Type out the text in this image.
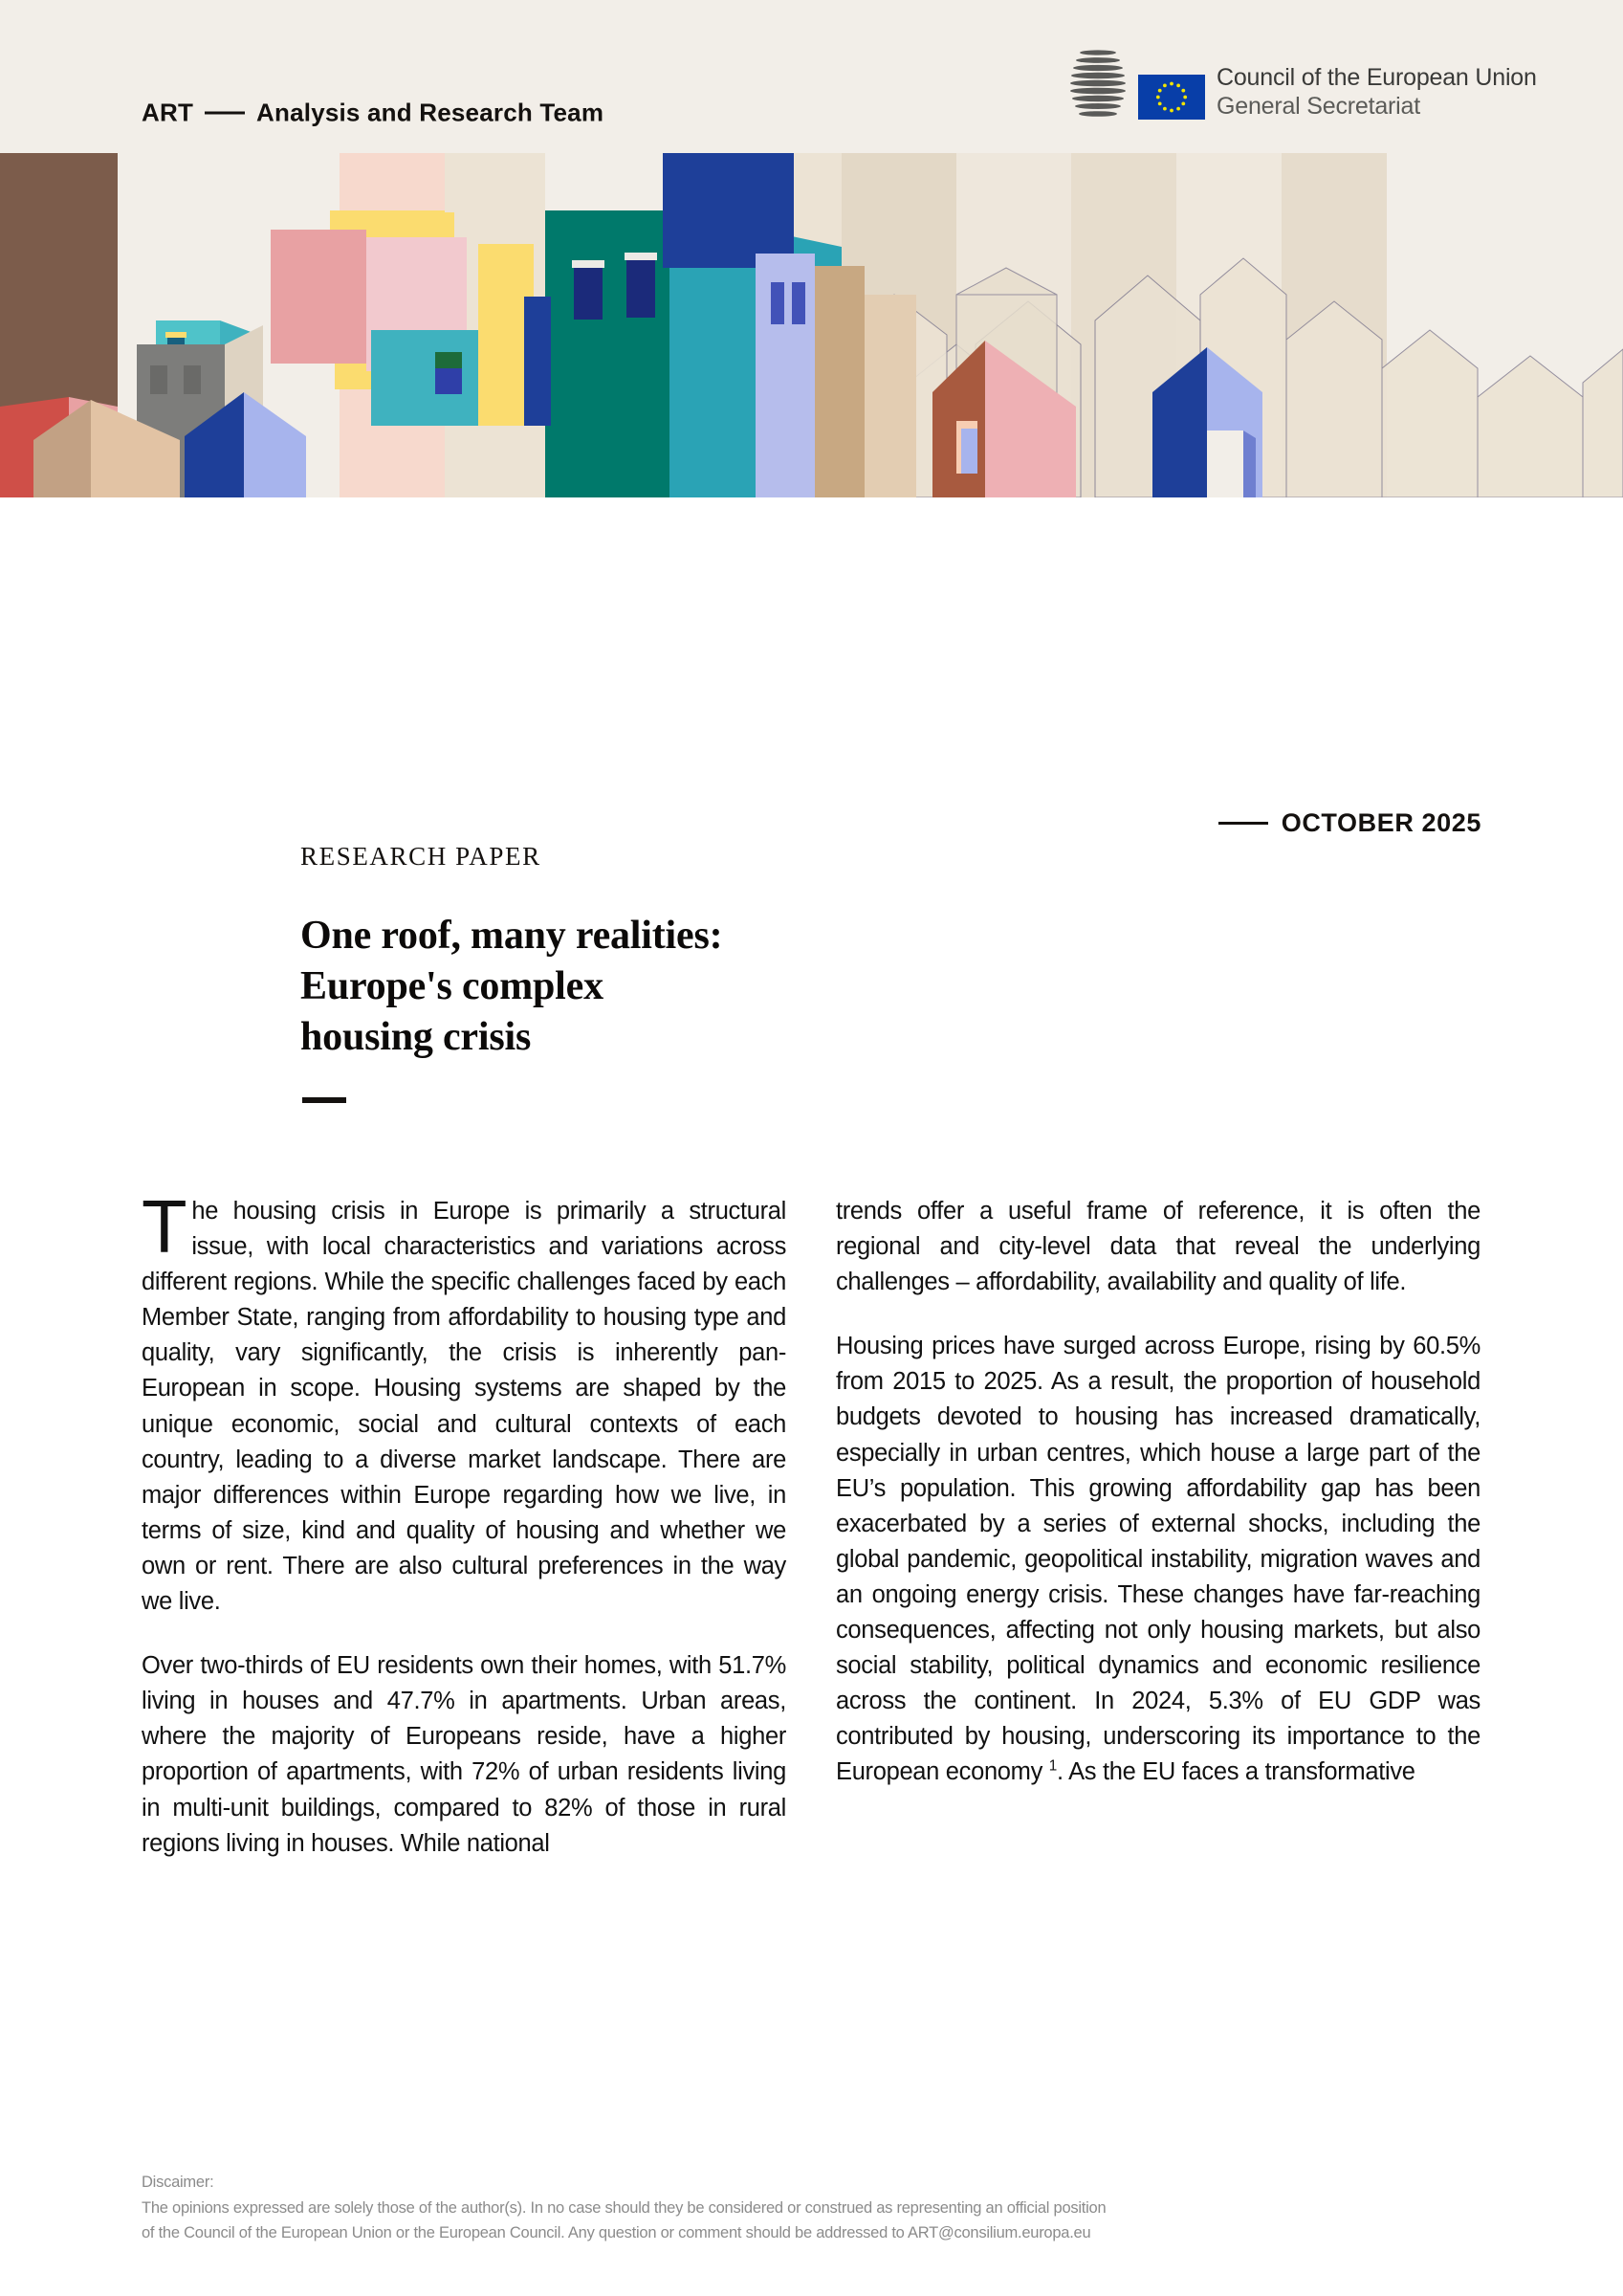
ART	Analysis and Research Team
Council of the European Union
General Secretariat
OCTOBER 2025
RESEARCH PAPER
One roof, many realities:
Europe's complex
housing crisis

The housing crisis in Europe is primarily a structural issue, with local characteristics and variations across different regions. While the specific challenges faced by each Member State, ranging from affordability to housing type and quality, vary significantly, the crisis is inherently pan-European in scope. Housing systems are shaped by the unique economic, social and cultural contexts of each country, leading to a diverse market landscape. There are major differences within Europe regarding how we live, in terms of size, kind and quality of housing and whether we own or rent. There are also cultural preferences in the way we live.

Over two-thirds of EU residents own their homes, with 51.7% living in houses and 47.7% in apartments. Urban areas, where the majority of Europeans reside, have a higher proportion of apartments, with 72% of urban residents living in multi-unit buildings, compared to 82% of those in rural regions living in houses. While national

trends offer a useful frame of reference, it is often the regional and city-level data that reveal the underlying challenges – affordability, availability and quality of life.

Housing prices have surged across Europe, rising by 60.5% from 2015 to 2025. As a result, the proportion of household budgets devoted to housing has increased dramatically, especially in urban centres, which house a large part of the EU’s population. This growing affordability gap has been exacerbated by a series of external shocks, including the global pandemic, geopolitical instability, migration waves and an ongoing energy crisis. These changes have far-reaching consequences, affecting not only housing markets, but also social stability, political dynamics and economic resilience across the continent. In 2024, 5.3% of EU GDP was contributed by housing, underscoring its importance to the European economy $^1$. As the EU faces a transformative

Discaimer:
The opinions expressed are solely those of the author(s). In no case should they be considered or construed as representing an official position
of the Council of the European Union or the European Council. Any question or comment should be addressed to ART@consilium.europa.eu
